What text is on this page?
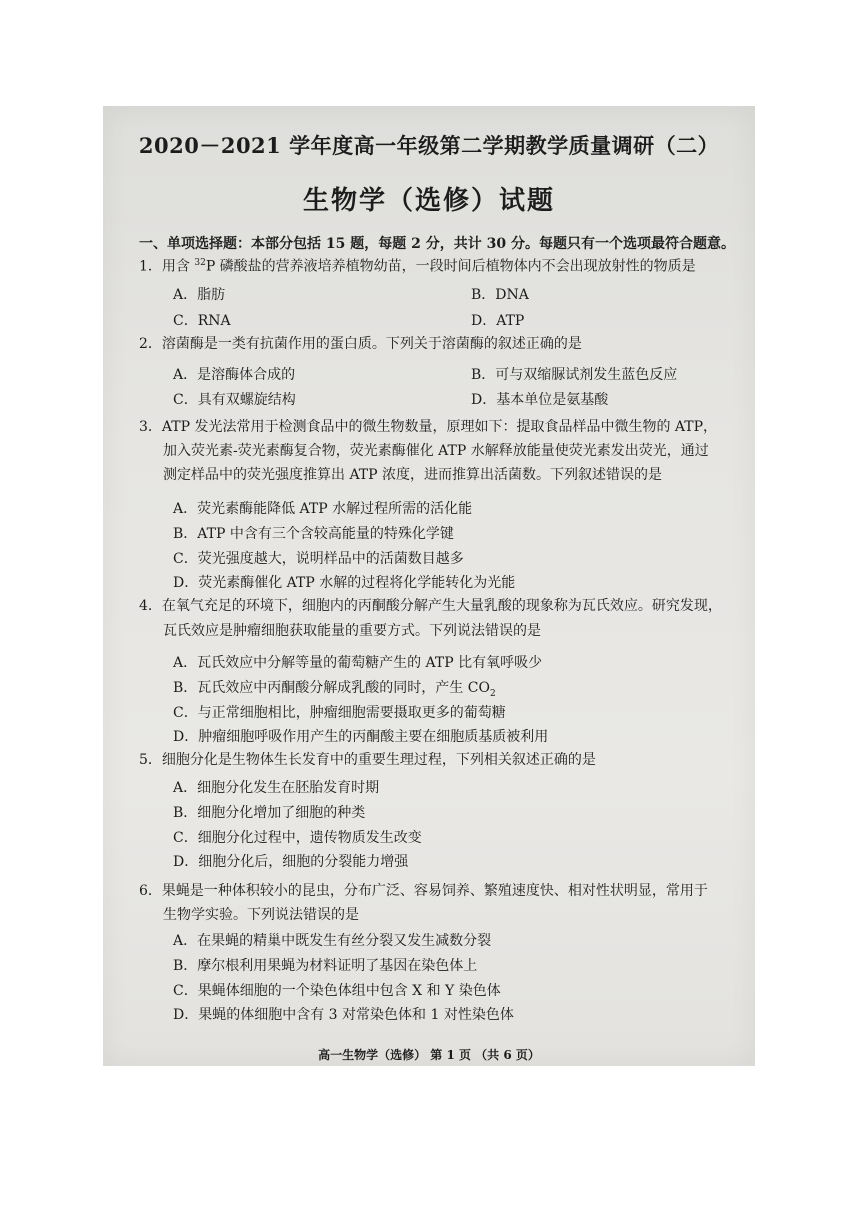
2020－2021 学年度高一年级第二学期教学质量调研（二）
生物学（选修）试题
一、单项选择题：本部分包括 15 题，每题 2 分，共计 30 分。每题只有一个选项最符合题意。
1．用含 $^{32}$P 磷酸盐的营养液培养植物幼苗，一段时间后植物体内不会出现放射性的物质是
A．脂肪	B．DNA
C．RNA	D．ATP
2．溶菌酶是一类有抗菌作用的蛋白质。下列关于溶菌酶的叙述正确的是
A．是溶酶体合成的	B．可与双缩脲试剂发生蓝色反应
C．具有双螺旋结构	D．基本单位是氨基酸
3．ATP 发光法常用于检测食品中的微生物数量，原理如下：提取食品样品中微生物的 ATP，
加入荧光素-荧光素酶复合物，荧光素酶催化 ATP 水解释放能量使荧光素发出荧光，通过
测定样品中的荧光强度推算出 ATP 浓度，进而推算出活菌数。下列叙述错误的是
A．荧光素酶能降低 ATP 水解过程所需的活化能
B．ATP 中含有三个含较高能量的特殊化学键
C．荧光强度越大，说明样品中的活菌数目越多
D．荧光素酶催化 ATP 水解的过程将化学能转化为光能
4．在氧气充足的环境下，细胞内的丙酮酸分解产生大量乳酸的现象称为瓦氏效应。研究发现，
瓦氏效应是肿瘤细胞获取能量的重要方式。下列说法错误的是
A．瓦氏效应中分解等量的葡萄糖产生的 ATP 比有氧呼吸少
B．瓦氏效应中丙酮酸分解成乳酸的同时，产生 $CO_2$
C．与正常细胞相比，肿瘤细胞需要摄取更多的葡萄糖
D．肿瘤细胞呼吸作用产生的丙酮酸主要在细胞质基质被利用
5．细胞分化是生物体生长发育中的重要生理过程，下列相关叙述正确的是
A．细胞分化发生在胚胎发育时期
B．细胞分化增加了细胞的种类
C．细胞分化过程中，遗传物质发生改变
D．细胞分化后，细胞的分裂能力增强
6．果蝇是一种体积较小的昆虫，分布广泛、容易饲养、繁殖速度快、相对性状明显，常用于
生物学实验。下列说法错误的是
A．在果蝇的精巢中既发生有丝分裂又发生减数分裂
B．摩尔根利用果蝇为材料证明了基因在染色体上
C．果蝇体细胞的一个染色体组中包含 X 和 Y 染色体
D．果蝇的体细胞中含有 3 对常染色体和 1 对性染色体
高一生物学（选修） 第 1 页 （共 6 页）
